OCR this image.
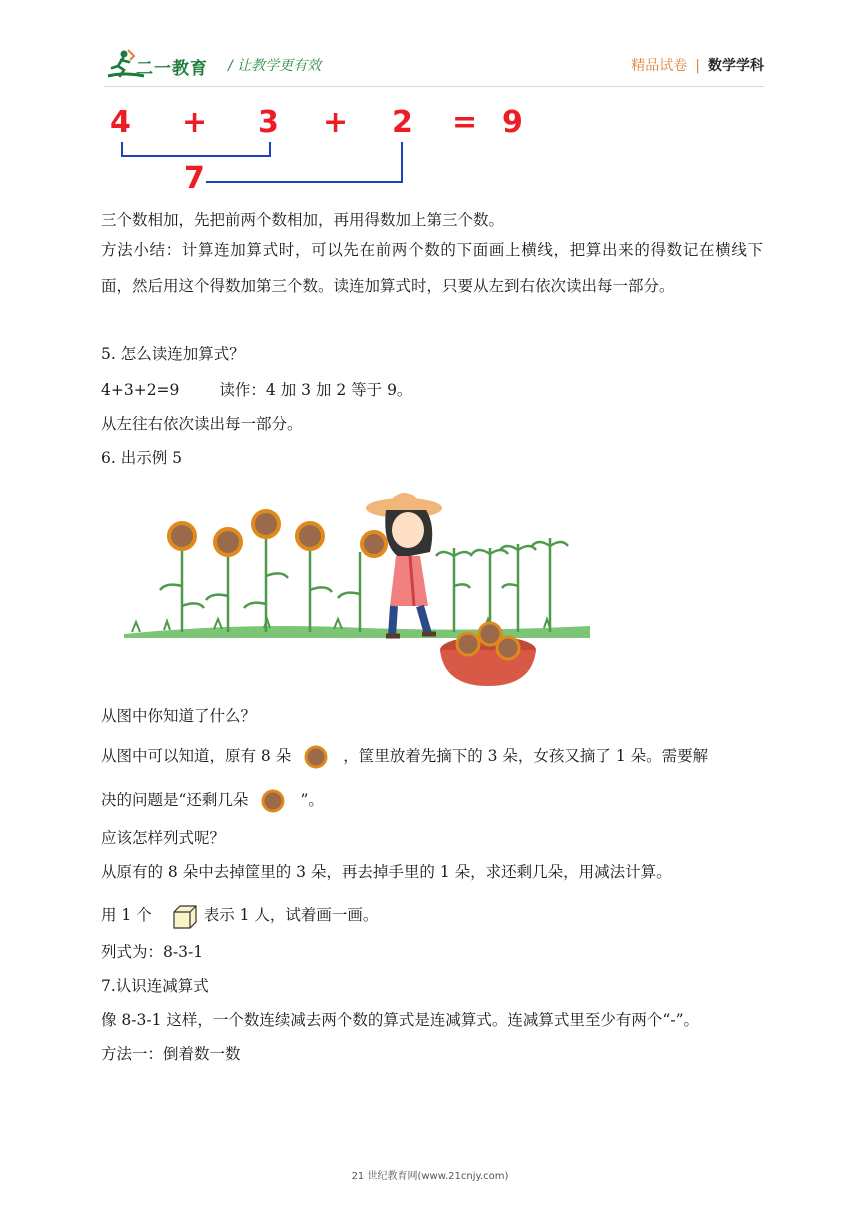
二一教育 / 让教学更有效	精品试卷 | 数学学科
4 + 3 + 2 = 9
7
三个数相加，先把前两个数相加，再用得数加上第三个数。
方法小结：计算连加算式时，可以先在前两个数的下面画上横线，把算出来的得数记在横线下面，然后用这个得数加第三个数。读连加算式时，只要从左到右依次读出每一部分。
5. 怎么读连加算式？
4+3+2=9	读作：4 加 3 加 2 等于 9。
从左往右依次读出每一部分。
6. 出示例 5
从图中你知道了什么？
从图中可以知道，原有 8 朵	，筐里放着先摘下的 3 朵，女孩又摘了 1 朵。需要解
决的问题是“还剩几朵	”。
应该怎样列式呢？
从原有的 8 朵中去掉筐里的 3 朵，再去掉手里的 1 朵，求还剩几朵，用减法计算。
用 1 个	表示 1 人，试着画一画。
列式为：8-3-1
7.认识连减算式
像 8-3-1 这样，一个数连续减去两个数的算式是连减算式。连减算式里至少有两个“-”。
方法一：倒着数一数
21 世纪教育网(www.21cnjy.com)
